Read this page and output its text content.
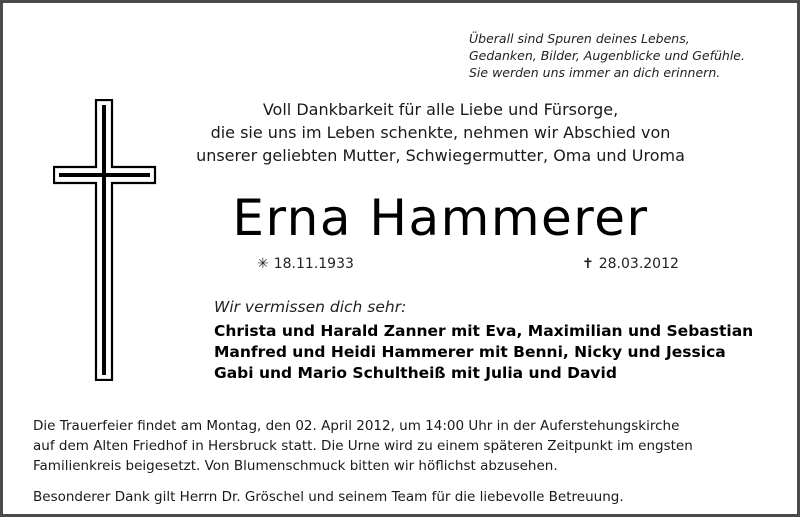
Überall sind Spuren deines Lebens,
Gedanken, Bilder, Augenblicke und Gefühle.
Sie werden uns immer an dich erinnern.
Voll Dankbarkeit für alle Liebe und Fürsorge,
die sie uns im Leben schenkte, nehmen wir Abschied von
unserer geliebten Mutter, Schwiegermutter, Oma und Uroma
Erna Hammerer
✳ 18.11.1933	✝ 28.03.2012
Wir vermissen dich sehr:
Christa und Harald Zanner mit Eva, Maximilian und Sebastian
Manfred und Heidi Hammerer mit Benni, Nicky und Jessica
Gabi und Mario Schultheiß mit Julia und David
Die Trauerfeier findet am Montag, den 02. April 2012, um 14:00 Uhr in der Auferstehungskirche
auf dem Alten Friedhof in Hersbruck statt. Die Urne wird zu einem späteren Zeitpunkt im engsten
Familienkreis beigesetzt. Von Blumenschmuck bitten wir höflichst abzusehen.
Besonderer Dank gilt Herrn Dr. Gröschel und seinem Team für die liebevolle Betreuung.
